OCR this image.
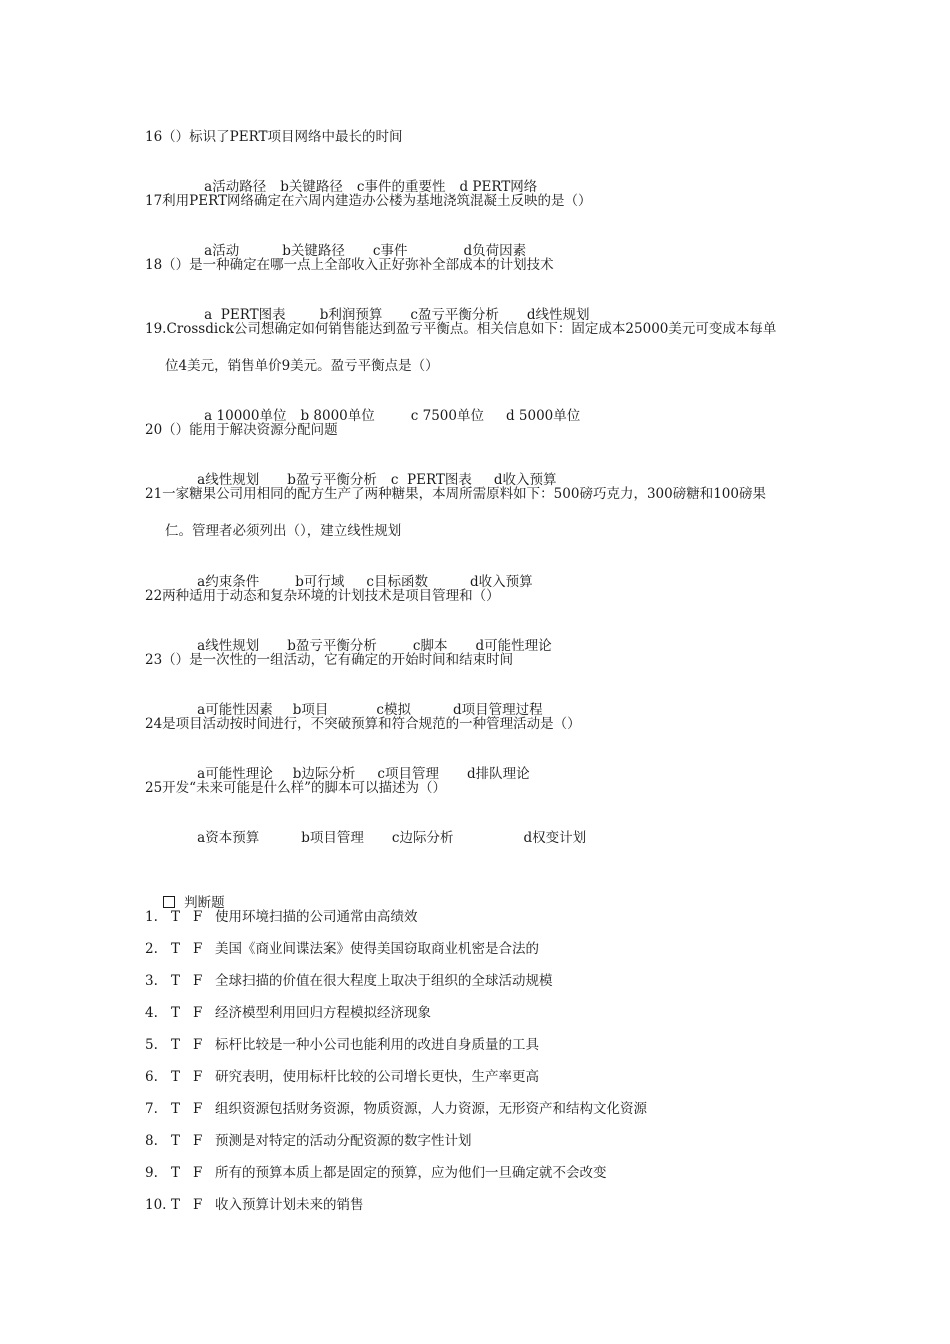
16（）标识了PERT项目网络中最长的时间

a活动路径 b关键路径 c事件的重要性 d PERT网络

17利用PERT网络确定在六周内建造办公楼为基地浇筑混凝土反映的是（）

a活动	b关键路径 c事件	d负荷因素

18（）是一种确定在哪一点上全部收入正好弥补全部成本的计划技术

a  PERT图表	b利润预算 c盈亏平衡分析 d线性规划

19.Crossdick公司想确定如何销售能达到盈亏平衡点。相关信息如下：固定成本25000美元可变成本每单
位4美元，销售单价9美元。盈亏平衡点是（）

a 10000单位 b 8000单位	c 7500单位 d 5000单位

20（）能用于解决资源分配问题

a线性规划 b盈亏平衡分析 c  PERT图表 d收入预算

21一家糖果公司用相同的配方生产了两种糖果，本周所需原料如下：500磅巧克力，300磅糖和100磅果
仁。管理者必须列出（），建立线性规划

a约束条件	b可行域 c目标函数	d收入预算

22两种适用于动态和复杂环境的计划技术是项目管理和（）

a线性规划 b盈亏平衡分析	c脚本 d可能性理论

23（）是一次性的一组活动，它有确定的开始时间和结束时间

a可能性因素 b项目	c模拟	d项目管理过程

24是项目活动按时间进行，不突破预算和符合规范的一种管理活动是（）

a可能性理论 b边际分析 c项目管理 d排队理论

25开发“未来可能是什么样”的脚本可以描述为（）

a资本预算	b项目管理 c边际分析	d权变计划

判断题

1. T F 使用环境扫描的公司通常由高绩效
2. T F 美国《商业间谍法案》使得美国窃取商业机密是合法的
3. T F 全球扫描的价值在很大程度上取决于组织的全球活动规模
4. T F 经济模型利用回归方程模拟经济现象
5. T F 标杆比较是一种小公司也能利用的改进自身质量的工具
6. T F 研究表明，使用标杆比较的公司增长更快，生产率更高
7. T F 组织资源包括财务资源，物质资源，人力资源，无形资产和结构文化资源
8. T F 预测是对特定的活动分配资源的数字性计划
9. T F 所有的预算本质上都是固定的预算，应为他们一旦确定就不会改变
10. T F 收入预算计划未来的销售
